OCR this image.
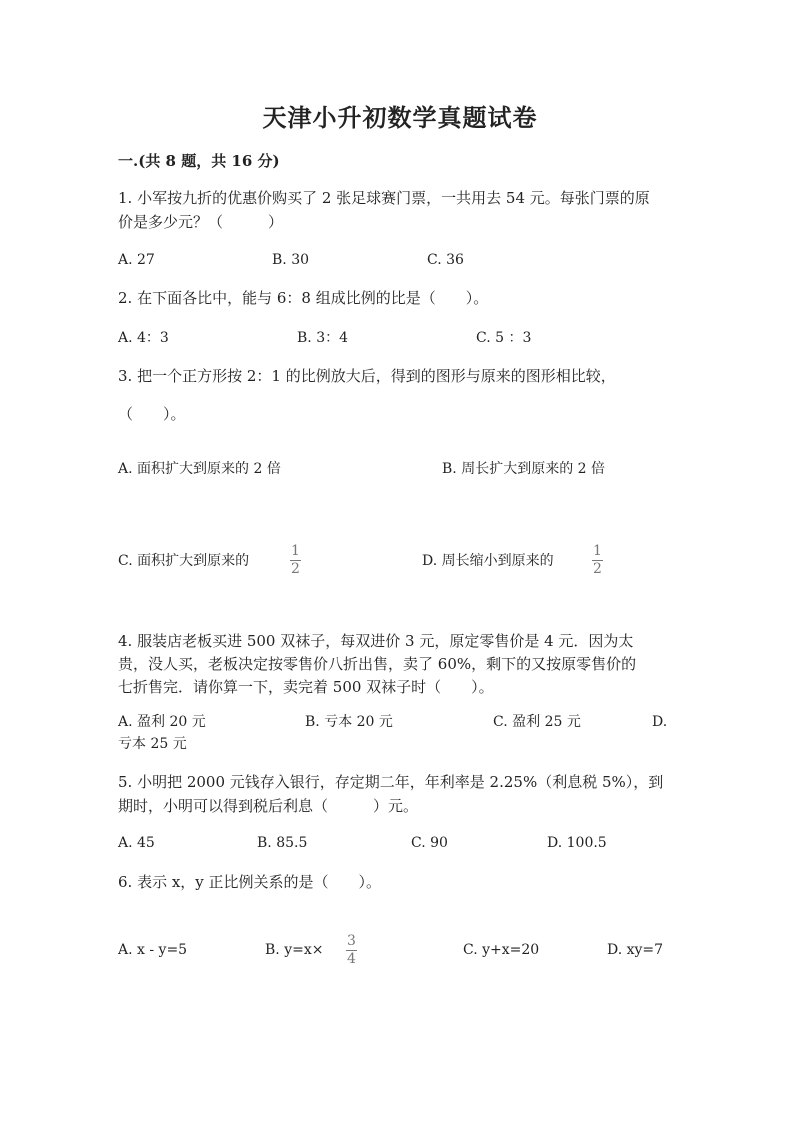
天津小升初数学真题试卷
一.(共 8 题，共 16 分)
1. 小军按九折的优惠价购买了 2 张足球赛门票，一共用去 54 元。每张门票的原
价是多少元？（　　　）
A. 27	B. 30	C. 36
2. 在下面各比中，能与 6：8 组成比例的比是（　　）。
A. 4：3	B. 3：4	C. 5 ：3
3. 把一个正方形按 2：1 的比例放大后，得到的图形与原来的图形相比较，
（　　）。
A. 面积扩大到原来的 2 倍	B. 周长扩大到原来的 2 倍
C. 面积扩大到原来的
1
2	D. 周长缩小到原来的
1
2
4. 服装店老板买进 500 双袜子，每双进价 3 元，原定零售价是 4 元．因为太
贵，没人买，老板决定按零售价八折出售，卖了 60%，剩下的又按原零售价的
七折售完．请你算一下，卖完着 500 双袜子时（　　）。
A. 盈利 20 元	B. 亏本 20 元	C. 盈利 25 元	D.
亏本 25 元
5. 小明把 2000 元钱存入银行，存定期二年，年利率是 2.25%（利息税 5%），到
期时，小明可以得到税后利息（　　　）元。
A. 45	B. 85.5	C. 90	D. 100.5
6. 表示 x，y 正比例关系的是（　　）。
A. x - y=5	B. y=x×
3
4
C. y+x=20	D. xy=7
